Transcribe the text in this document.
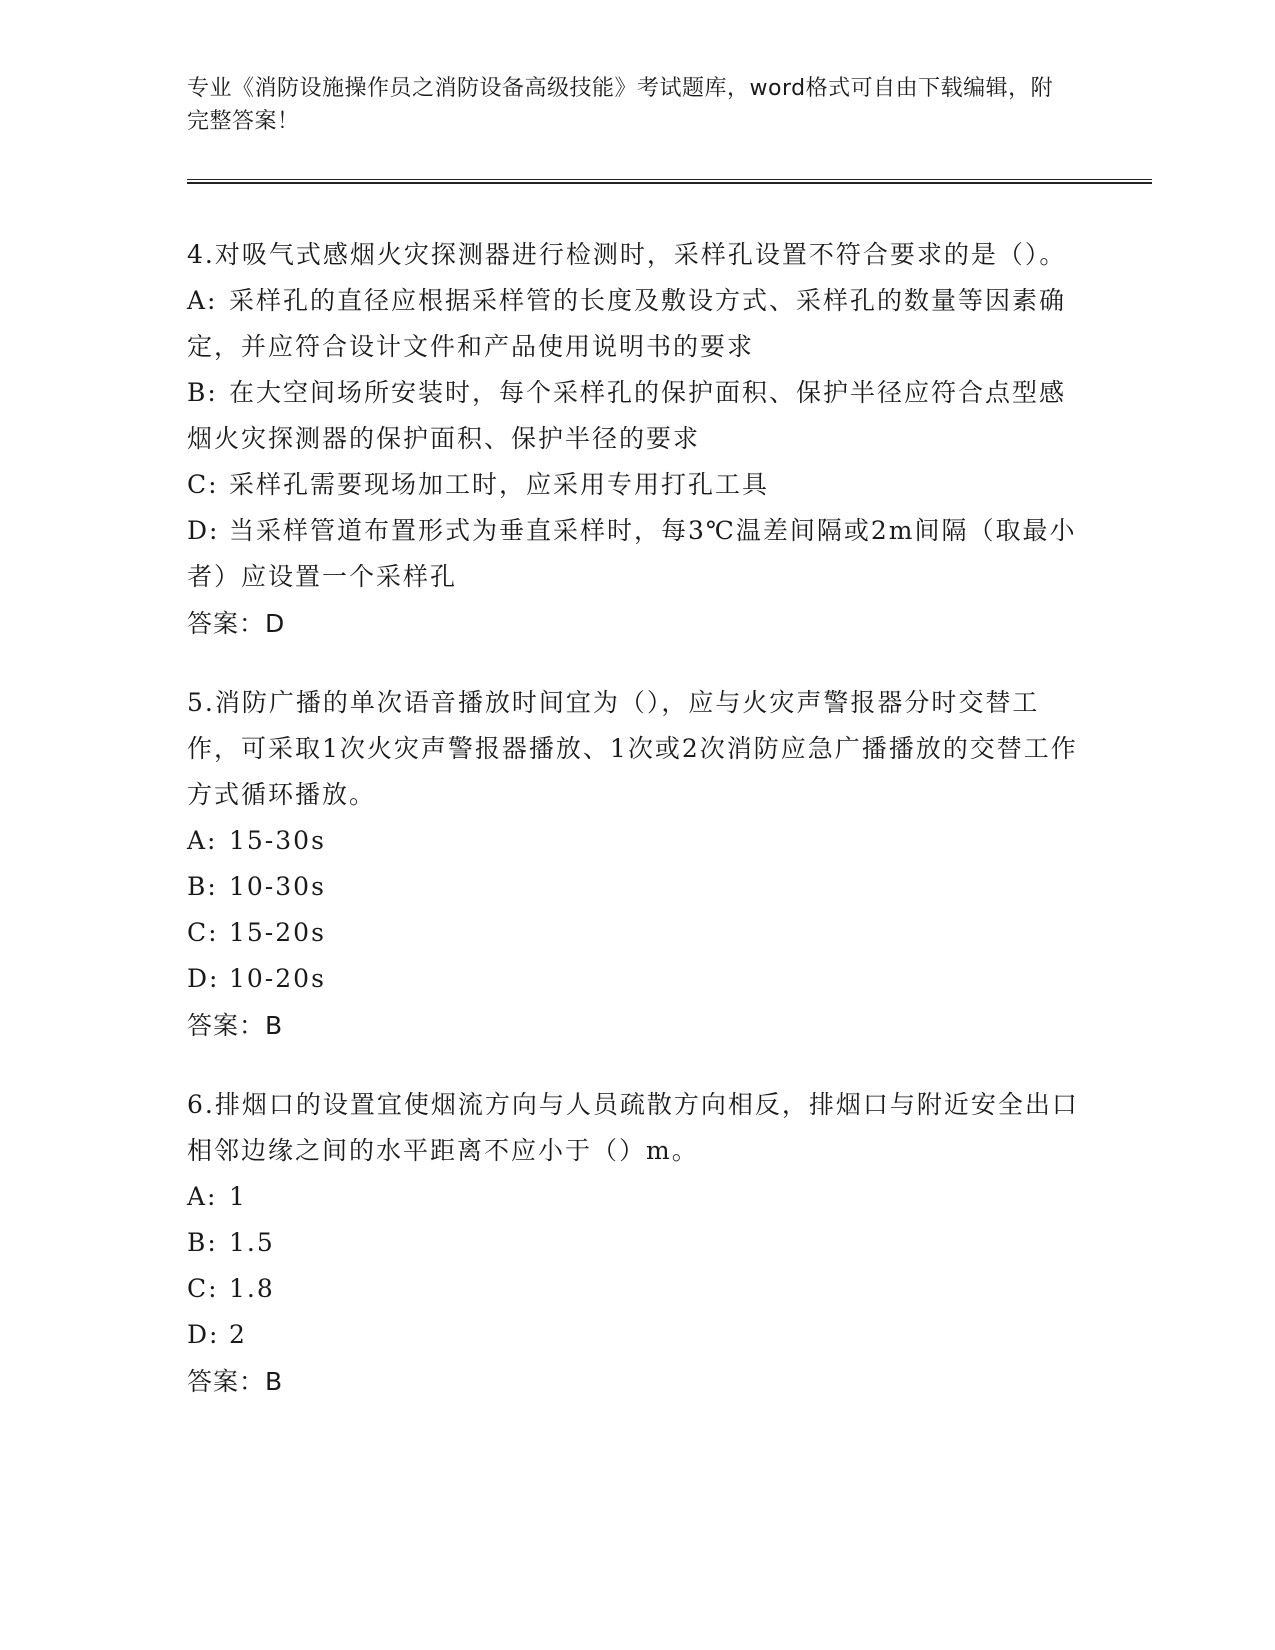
专业《消防设施操作员之消防设备高级技能》考试题库，word格式可自由下载编辑，附完整答案！
4.对吸气式感烟火灾探测器进行检测时，采样孔设置不符合要求的是（）。
A: 采样孔的直径应根据采样管的长度及敷设方式、采样孔的数量等因素确定，并应符合设计文件和产品使用说明书的要求
B: 在大空间场所安装时，每个采样孔的保护面积、保护半径应符合点型感烟火灾探测器的保护面积、保护半径的要求
C: 采样孔需要现场加工时，应采用专用打孔工具
D: 当采样管道布置形式为垂直采样时，每3℃温差间隔或2m间隔（取最小者）应设置一个采样孔
答案：D
5.消防广播的单次语音播放时间宜为（），应与火灾声警报器分时交替工作，可采取1次火灾声警报器播放、1次或2次消防应急广播播放的交替工作方式循环播放。
A: 15-30s
B: 10-30s
C: 15-20s
D: 10-20s
答案：B
6.排烟口的设置宜使烟流方向与人员疏散方向相反，排烟口与附近安全出口相邻边缘之间的水平距离不应小于（）m。
A: 1
B: 1.5
C: 1.8
D: 2
答案：B
